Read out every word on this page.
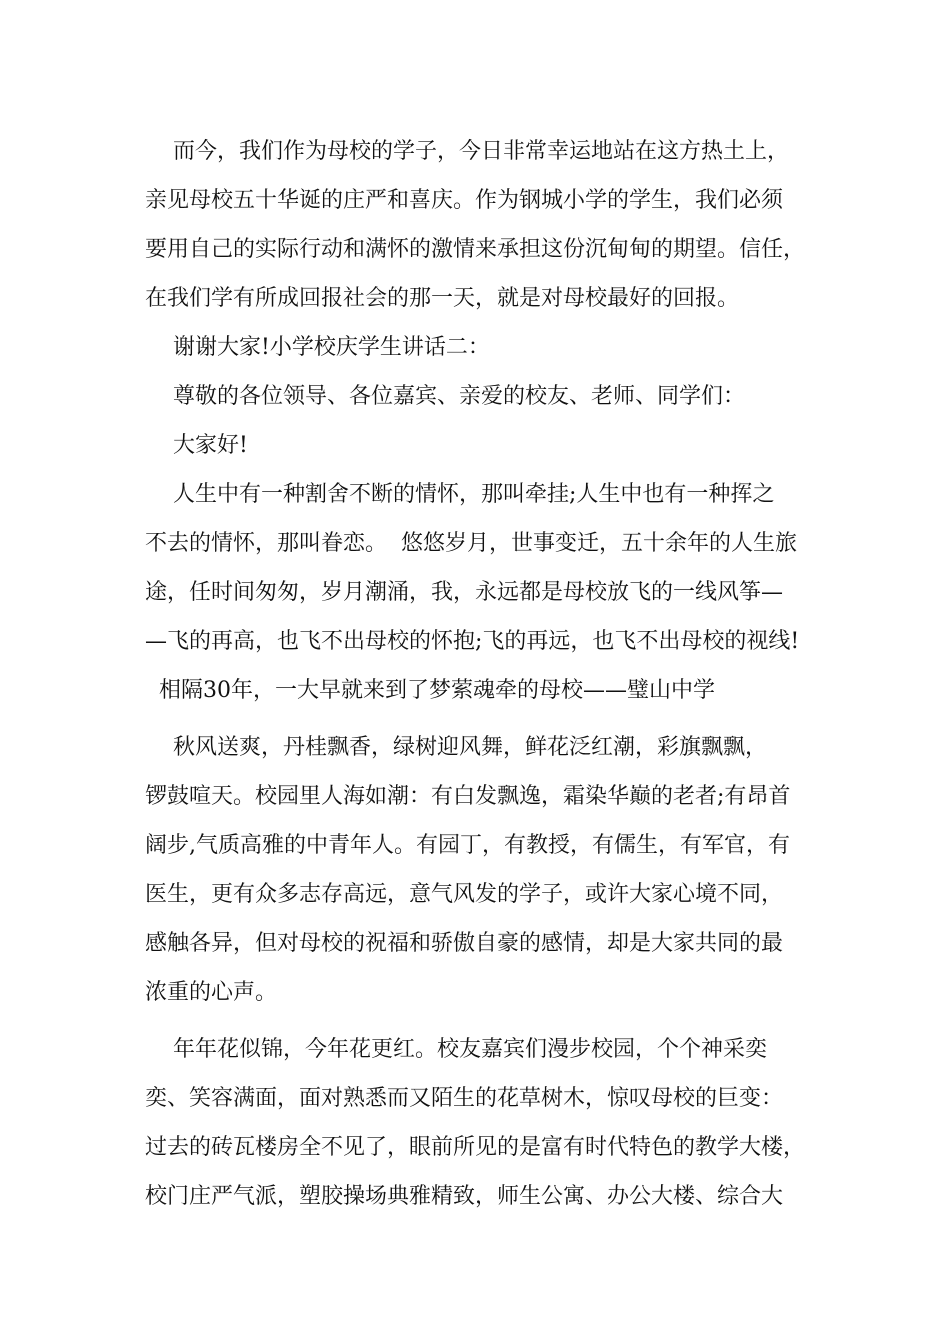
而今，我们作为母校的学子，今日非常幸运地站在这方热土上，
亲见母校五十华诞的庄严和喜庆。作为钢城小学的学生，我们必须
要用自己的实际行动和满怀的激情来承担这份沉甸甸的期望。信任，
在我们学有所成回报社会的那一天，就是对母校最好的回报。
谢谢大家!小学校庆学生讲话二：
尊敬的各位领导、各位嘉宾、亲爱的校友、老师、同学们：
大家好!
人生中有一种割舍不断的情怀，那叫牵挂;人生中也有一种挥之
不去的情怀，那叫眷恋。  悠悠岁月，世事变迁，五十余年的人生旅
途，任时间匆匆，岁月潮涌，我，永远都是母校放飞的一线风筝—
—飞的再高，也飞不出母校的怀抱;飞的再远，也飞不出母校的视线!
相隔30年，一大早就来到了梦萦魂牵的母校——璧山中学
秋风送爽，丹桂飘香，绿树迎风舞，鲜花泛红潮，彩旗飘飘，
锣鼓喧天。校园里人海如潮：有白发飘逸，霜染华巅的老者;有昂首
阔步,气质高雅的中青年人。有园丁，有教授，有儒生，有军官，有
医生，更有众多志存高远，意气风发的学子，或许大家心境不同，
感触各异，但对母校的祝福和骄傲自豪的感情，却是大家共同的最
浓重的心声。
年年花似锦，今年花更红。校友嘉宾们漫步校园，个个神采奕
奕、笑容满面，面对熟悉而又陌生的花草树木，惊叹母校的巨变：
过去的砖瓦楼房全不见了，眼前所见的是富有时代特色的教学大楼，
校门庄严气派，塑胶操场典雅精致，师生公寓、办公大楼、综合大
